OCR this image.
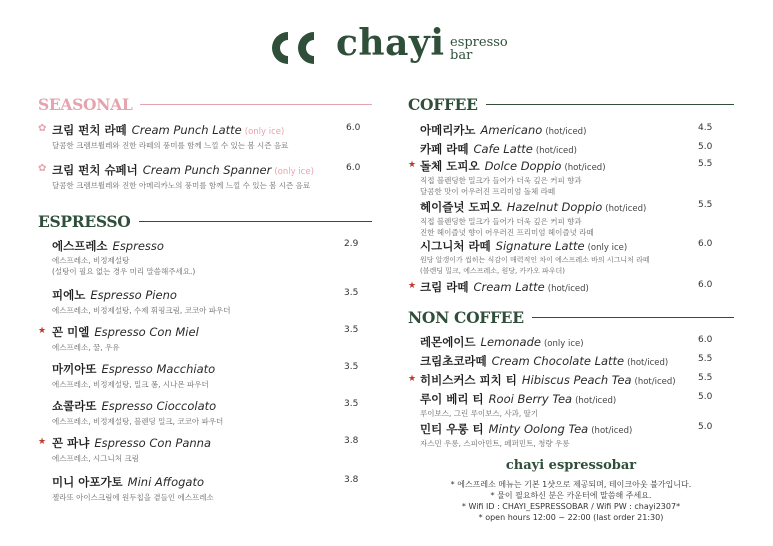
chayi espresso
bar
SEASONAL
✿ 크림 펀치 라떼 Cream Punch Latte (only ice)	6.0
달콤한 크렘브륄레와 진한 라떼의 풍미를 함께 느낄 수 있는 봄 시즌 음료
✿ 크림 펀치 슈페너 Cream Punch Spanner (only ice)	6.0
달콤한 크렘브륄레와 진한 아메리카노의 풍미를 함께 느낄 수 있는 봄 시즌 음료
ESPRESSO
에스프레소 Espresso	2.9
에스프레소, 비정제설탕
(설탕이 필요 없는 경우 미리 말씀해주세요.)
피에노 Espresso Pieno	3.5
에스프레소, 비정제설탕, 수제 휘핑크림, 코코아 파우더
★ 꼰 미엘 Espresso Con Miel	3.5
에스프레소, 꿀, 우유
마끼아또 Espresso Macchiato	3.5
에스프레소, 비정제설탕, 밀크 폼, 시나몬 파우더
쇼콜라또 Espresso Cioccolato	3.5
에스프레소, 비정제설탕, 블렌딩 밀크, 코코아 파우더
★ 꼰 파냐 Espresso Con Panna	3.8
에스프레소, 시그니처 크림
미니 아포가토 Mini Affogato	3.8
젤라또 아이스크림에 원두칩을 곁들인 에스프레소
COFFEE
아메리카노 Americano (hot/iced)	4.5
카페 라떼 Cafe Latte (hot/iced)	5.0
★ 돌체 도피오 Dolce Doppio (hot/iced)	5.5
직접 블렌딩한 밀크가 들어가 더욱 깊은 커피 향과
달콤한 맛이 어우러진 프리미엄 돌체 라떼
헤이즐넛 도피오 Hazelnut Doppio (hot/iced)	5.5
직접 블렌딩한 밀크가 들어가 더욱 깊은 커피 향과
진한 헤이즐넛 향이 어우러진 프리미엄 헤이즐넛 라떼
시그니처 라떼 Signature Latte (only ice)	6.0
원당 알갱이가 씹히는 식감이 매력적인 차이 에스프레소 바의 시그니처 라떼
(블렌딩 밀크, 에스프레소, 원당, 카카오 파우더)
★ 크림 라떼 Cream Latte (hot/iced)	6.0
NON COFFEE
레몬에이드 Lemonade (only ice)	6.0
크림초코라떼 Cream Chocolate Latte (hot/iced)	5.5
★ 히비스커스 피치 티 Hibiscus Peach Tea (hot/iced) 5.5
루이 베리 티 Rooi Berry Tea (hot/iced)	5.0
루이보스, 그린 루이보스, 사과, 딸기
민티 우롱 티 Minty Oolong Tea (hot/iced)	5.0
자스민 우롱, 스피아민트, 페퍼민트, 청량 우롱
chayi espressobar
* 에스프레소 메뉴는 기본 1샷으로 제공되며, 테이크아웃 불가입니다.
* 물이 필요하신 분은 카운터에 말씀해 주세요.
* Wifi ID : CHAYI_ESPRESSOBAR / Wifi PW : chayi2307*
* open hours 12:00 ~ 22:00 (last order 21:30)
